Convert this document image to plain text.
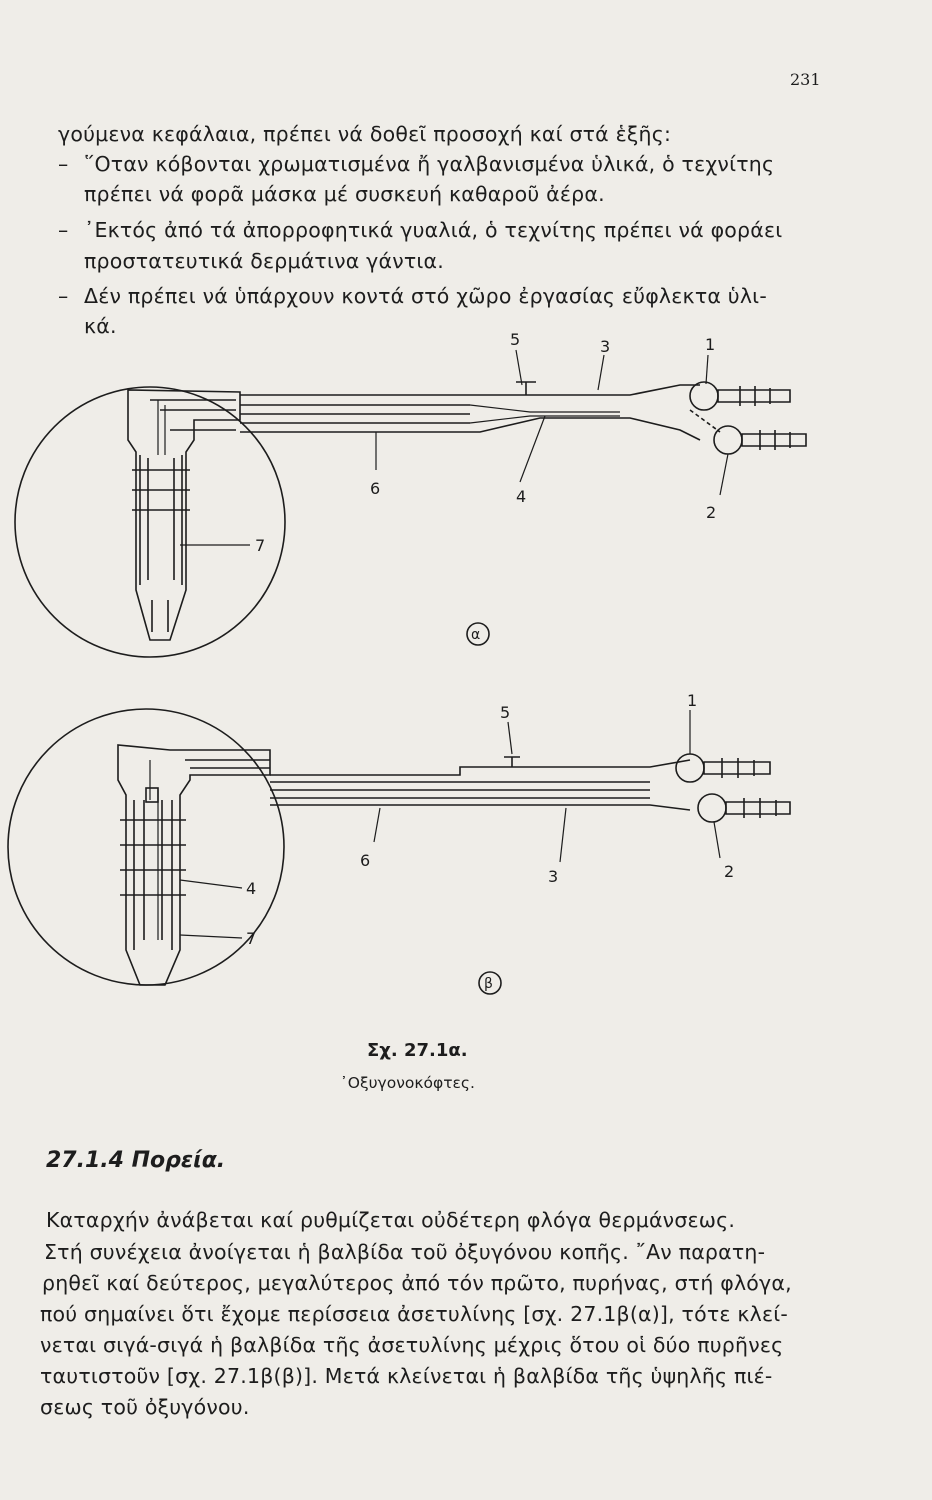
231
γούμενα κεφάλαια, πρέπει νά δοθεῖ προσοχή καί στά ἑξῆς:
– ῞Οταν κόβονται χρωματισμένα ἤ γαλβανισμένα ὑλικά, ὁ τεχνίτης
πρέπει νά φορᾶ μάσκα μέ συσκευή καθαροῦ ἀέρα.
– ᾿Εκτός ἀπό τά ἀπορροφητικά γυαλιά, ὁ τεχνίτης πρέπει νά φοράει
προστατευτικά δερμάτινα γάντια.
– Δέν πρέπει νά ὑπάρχουν κοντά στό χῶρο ἐργασίας εὔφλεκτα ὑλι-
κά.
5	3	1
6	4
2
7
α
5
1
6
3	2
4
7
β
Σχ. 27.1α.
᾿Οξυγονοκόφτες.
27.1.4 Πορεία.
Καταρχήν ἀνάβεται καί ρυθμίζεται οὐδέτερη φλόγα θερμάνσεως.
Στή συνέχεια ἀνοίγεται ἡ βαλβίδα τοῦ ὀξυγόνου κοπῆς. ῎Αν παρατη-
ρηθεῖ καί δεύτερος, μεγαλύτερος ἀπό τόν πρῶτο, πυρήνας, στή φλόγα,
πού σημαίνει ὅτι ἔχομε περίσσεια ἀσετυλίνης [σχ. 27.1β(α)], τότε κλεί-
νεται σιγά-σιγά ἡ βαλβίδα τῆς ἀσετυλίνης μέχρις ὅτου οἱ δύο πυρῆνες
ταυτιστοῦν [σχ. 27.1β(β)]. Μετά κλείνεται ἡ βαλβίδα τῆς ὑψηλῆς πιέ-
σεως τοῦ ὀξυγόνου.
